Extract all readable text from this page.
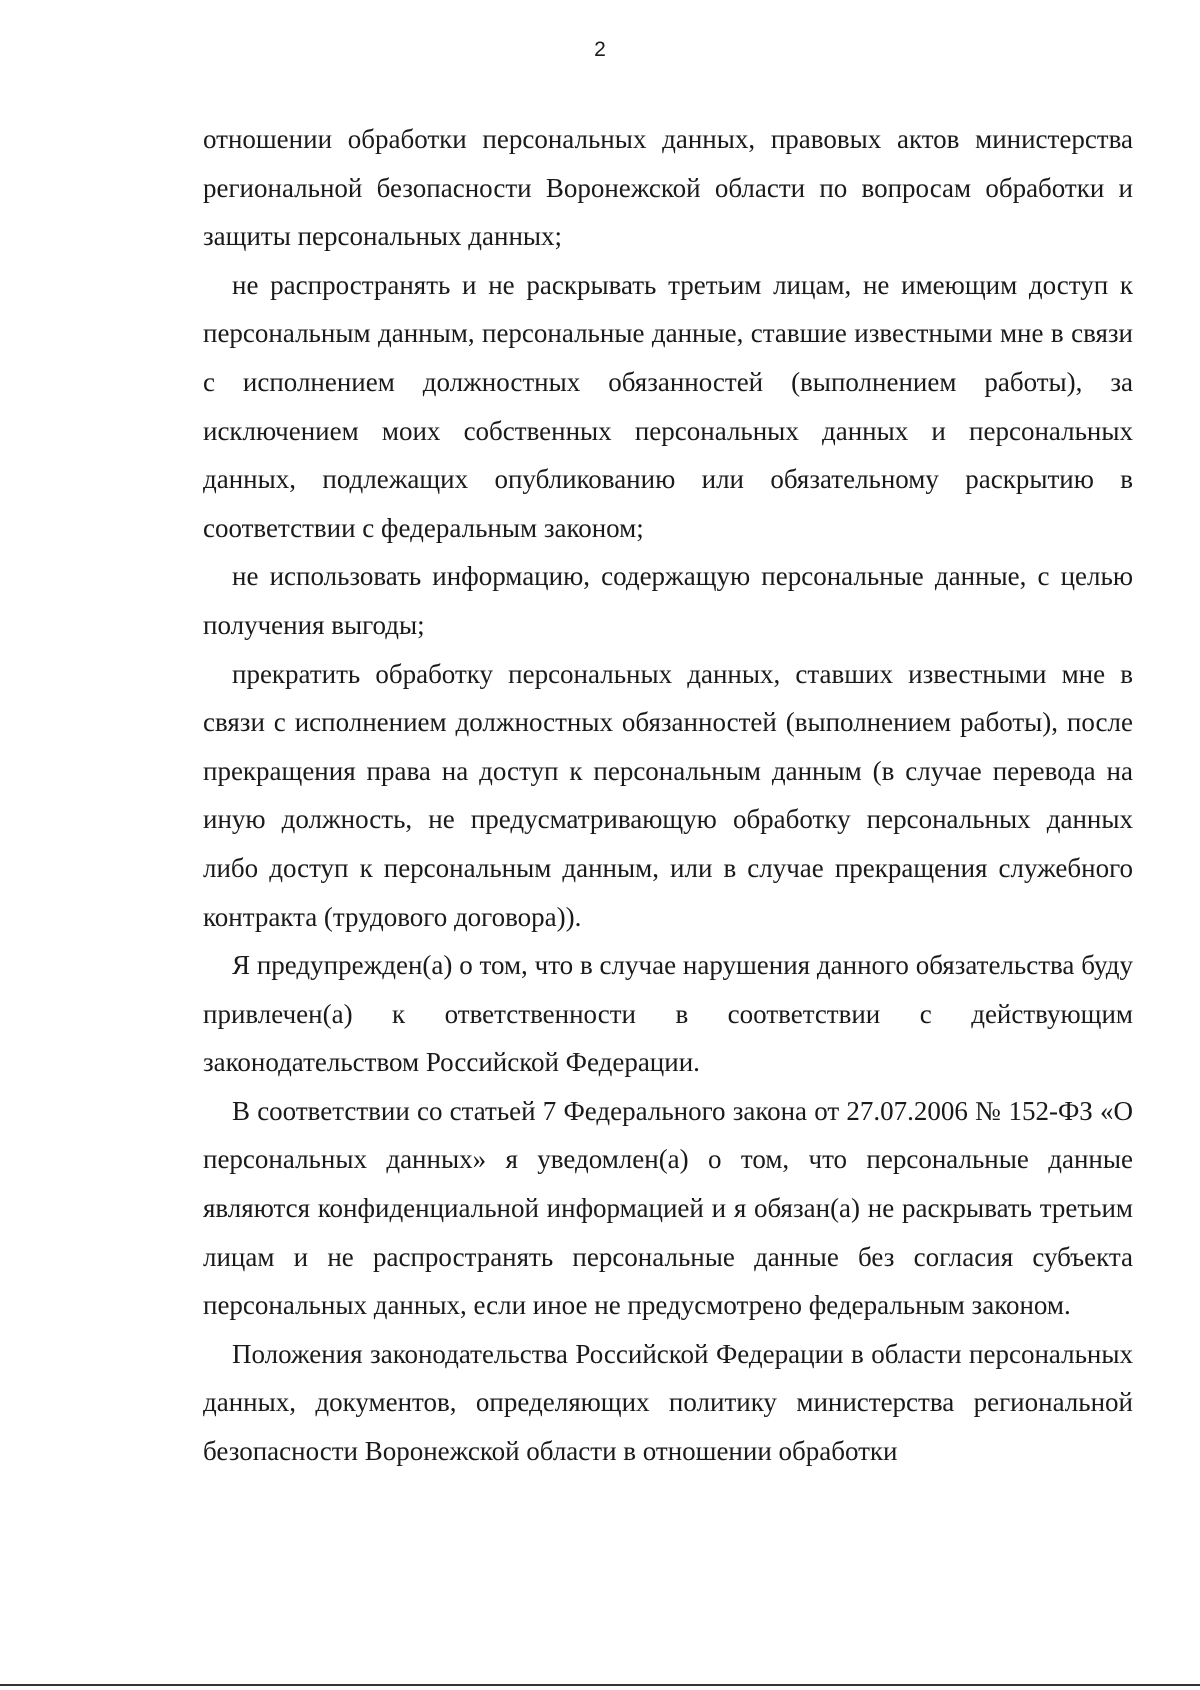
2

отношении обработки персональных данных, правовых актов министерства региональной безопасности Воронежской области по вопросам обработки и защиты персональных данных;

не распространять и не раскрывать третьим лицам, не имеющим доступ к персональным данным, персональные данные, ставшие известными мне в связи с исполнением должностных обязанностей (выполнением работы), за исключением моих собственных персональных данных и персональных данных, подлежащих опубликованию или обязательному раскрытию в соответствии с федеральным законом;

не использовать информацию, содержащую персональные данные, с целью получения выгоды;

прекратить обработку персональных данных, ставших известными мне в связи с исполнением должностных обязанностей (выполнением работы), после прекращения права на доступ к персональным данным (в случае перевода на иную должность, не предусматривающую обработку персональных данных либо доступ к персональным данным, или в случае прекращения служебного контракта (трудового договора)).

Я предупрежден(а) о том, что в случае нарушения данного обязательства буду привлечен(а) к ответственности в соответствии с действующим законодательством Российской Федерации.

В соответствии со статьей 7 Федерального закона от 27.07.2006 № 152-ФЗ «О персональных данных» я уведомлен(а) о том, что персональные данные являются конфиденциальной информацией и я обязан(а) не раскрывать третьим лицам и не распространять персональные данные без согласия субъекта персональных данных, если иное не предусмотрено федеральным законом.

Положения законодательства Российской Федерации в области персональных данных, документов, определяющих политику министерства региональной безопасности Воронежской области в отношении обработки
